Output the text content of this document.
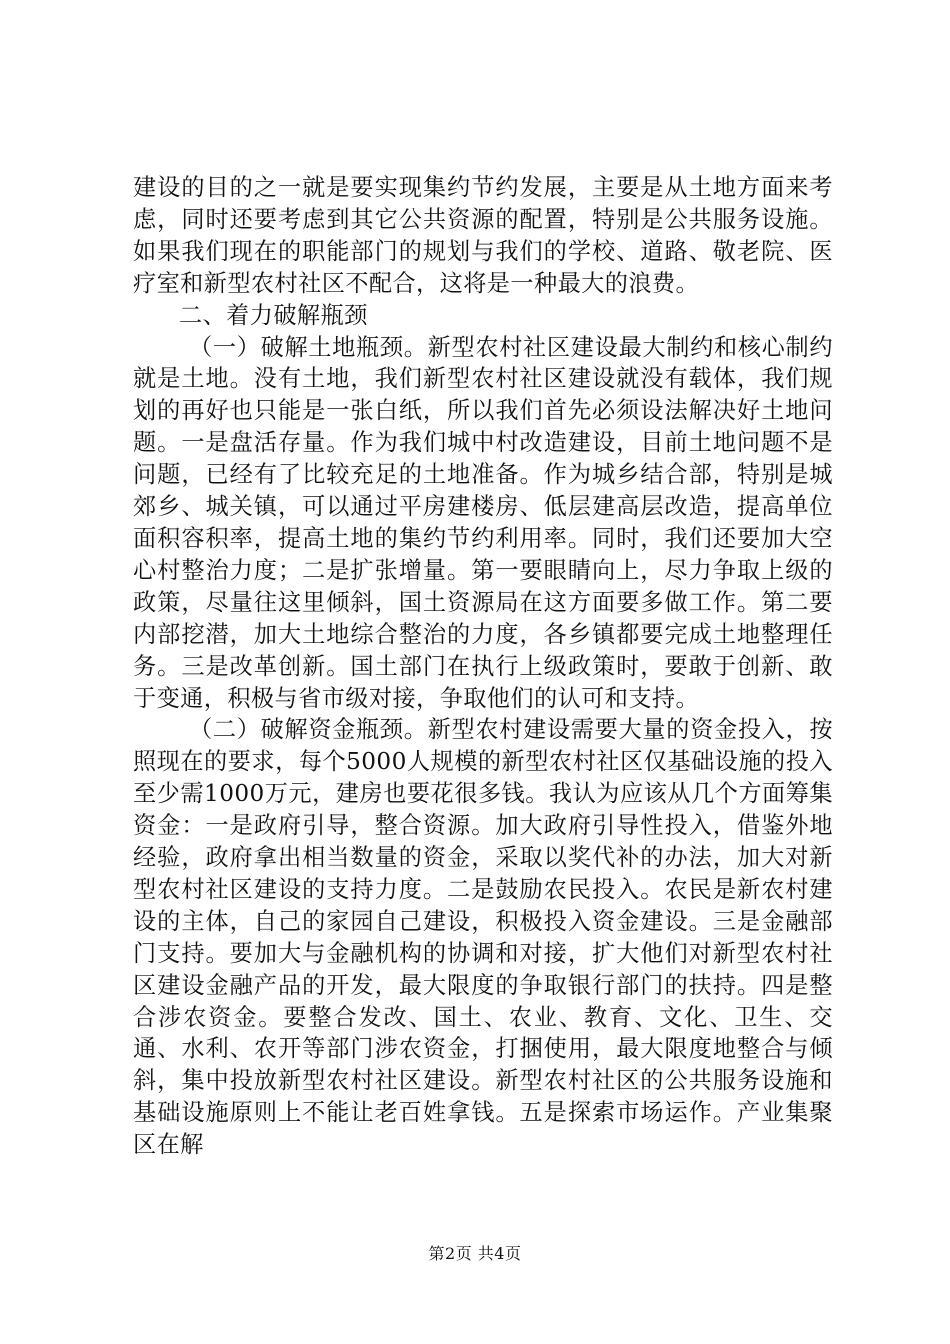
建设的目的之一就是要实现集约节约发展，主要是从土地方面来考虑，同时还要考虑到其它公共资源的配置，特别是公共服务设施。如果我们现在的职能部门的规划与我们的学校、道路、敬老院、医疗室和新型农村社区不配合，这将是一种最大的浪费。

二、着力破解瓶颈

（一）破解土地瓶颈。新型农村社区建设最大制约和核心制约就是土地。没有土地，我们新型农村社区建设就没有载体，我们规划的再好也只能是一张白纸，所以我们首先必须设法解决好土地问题。一是盘活存量。作为我们城中村改造建设，目前土地问题不是问题，已经有了比较充足的土地准备。作为城乡结合部，特别是城郊乡、城关镇，可以通过平房建楼房、低层建高层改造，提高单位面积容积率，提高土地的集约节约利用率。同时，我们还要加大空心村整治力度；二是扩张增量。第一要眼睛向上，尽力争取上级的政策，尽量往这里倾斜，国土资源局在这方面要多做工作。第二要内部挖潜，加大土地综合整治的力度，各乡镇都要完成土地整理任务。三是改革创新。国土部门在执行上级政策时，要敢于创新、敢于变通，积极与省市级对接，争取他们的认可和支持。

（二）破解资金瓶颈。新型农村建设需要大量的资金投入，按照现在的要求，每个5000人规模的新型农村社区仅基础设施的投入至少需1000万元，建房也要花很多钱。我认为应该从几个方面筹集资金：一是政府引导，整合资源。加大政府引导性投入，借鉴外地经验，政府拿出相当数量的资金，采取以奖代补的办法，加大对新型农村社区建设的支持力度。二是鼓励农民投入。农民是新农村建设的主体，自己的家园自己建设，积极投入资金建设。三是金融部门支持。要加大与金融机构的协调和对接，扩大他们对新型农村社区建设金融产品的开发，最大限度的争取银行部门的扶持。四是整合涉农资金。要整合发改、国土、农业、教育、文化、卫生、交通、水利、农开等部门涉农资金，打捆使用，最大限度地整合与倾斜，集中投放新型农村社区建设。新型农村社区的公共服务设施和基础设施原则上不能让老百姓拿钱。五是探索市场运作。产业集聚区在解

第2页 共4页
